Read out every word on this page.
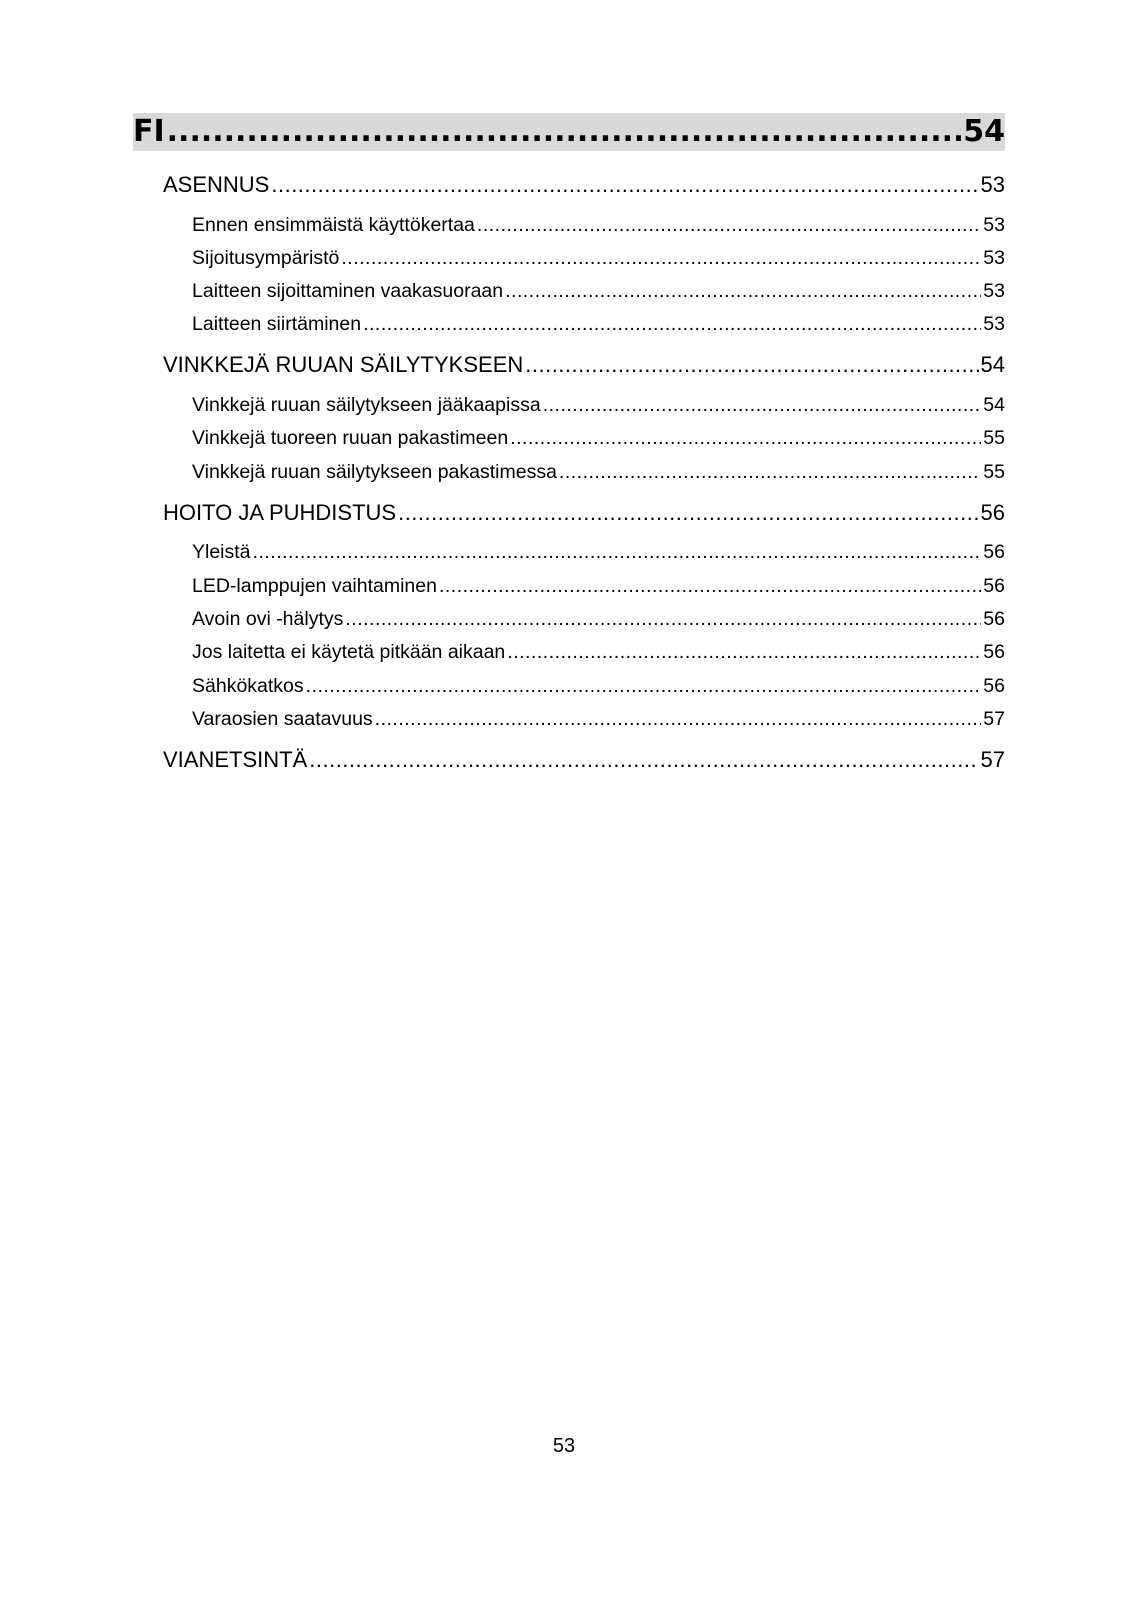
FI .....	54
ASENNUS .....	53
Ennen ensimmäistä käyttökertaa .....	53
Sijoitusympäristö .....	53
Laitteen sijoittaminen vaakasuoraan .....	53
Laitteen siirtäminen .....	53
VINKKEJÄ RUUAN SÄILYTYKSEEN .....	54
Vinkkejä ruuan säilytykseen jääkaapissa .....	54
Vinkkejä tuoreen ruuan pakastimeen .....	55
Vinkkejä ruuan säilytykseen pakastimessa .....	55
HOITO JA PUHDISTUS .....	56
Yleistä .....	56
LED-lamppujen vaihtaminen .....	56
Avoin ovi -hälytys .....	56
Jos laitetta ei käytetä pitkään aikaan .....	56
Sähkökatkos .....	56
Varaosien saatavuus .....	57
VIANETSINTÄ .....	57
53
